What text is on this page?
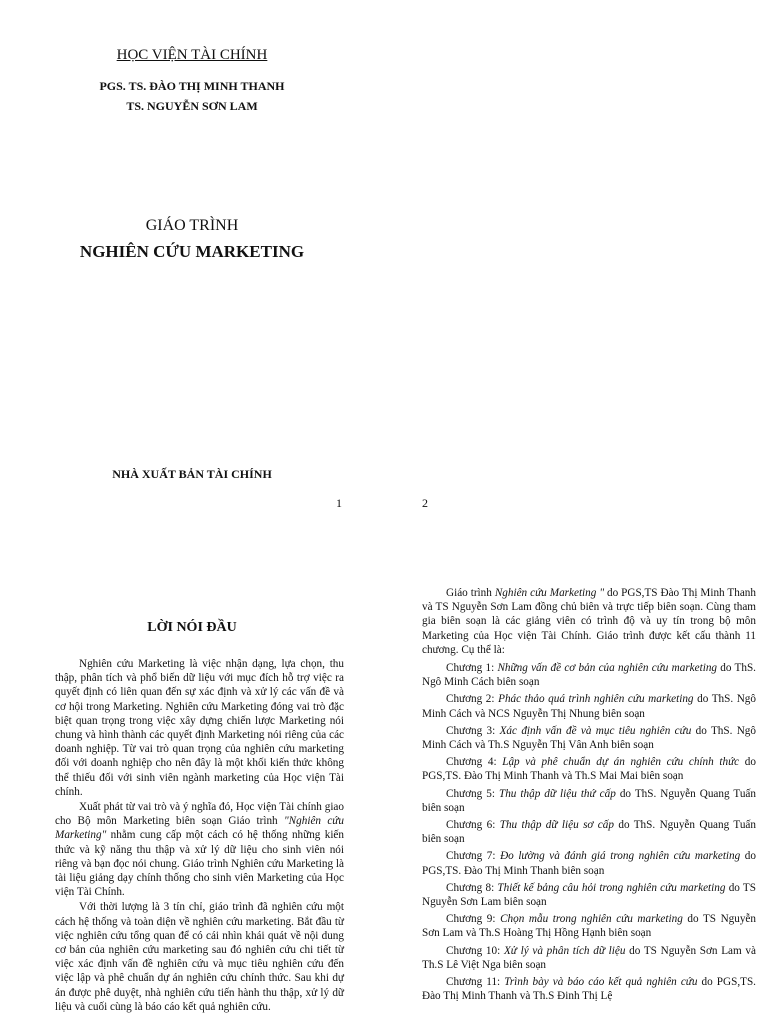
HỌC VIỆN TÀI CHÍNH
PGS. TS. ĐÀO THỊ MINH THANH
TS. NGUYỄN SƠN LAM
GIÁO TRÌNH
NGHIÊN CỨU MARKETING
NHÀ XUẤT BẢN TÀI CHÍNH
1	2
LỜI NÓI ĐẦU

Nghiên cứu Marketing là việc nhận dạng, lựa chọn, thu thập, phân tích và phổ biến dữ liệu với mục đích hỗ trợ việc ra quyết định có liên quan đến sự xác định và xử lý các vấn đề và cơ hội trong Marketing. Nghiên cứu Marketing đóng vai trò đặc biệt quan trọng trong việc xây dựng chiến lược Marketing nói chung và hình thành các quyết định Marketing nói riêng của các doanh nghiệp. Từ vai trò quan trọng của nghiên cứu marketing đối với doanh nghiệp cho nên đây là một khối kiến thức không thể thiếu đối với sinh viên ngành marketing của Học viện Tài chính.

Xuất phát từ vai trò và ý nghĩa đó, Học viện Tài chính giao cho Bộ môn Marketing biên soạn Giáo trình "Nghiên cứu Marketing" nhằm cung cấp một cách có hệ thống những kiến thức và kỹ năng thu thập và xử lý dữ liệu cho sinh viên nói riêng và bạn đọc nói chung. Giáo trình Nghiên cứu Marketing là tài liệu giảng dạy chính thống cho sinh viên Marketing của Học viện Tài Chính.

Với thời lượng là 3 tín chỉ, giáo trình đã nghiên cứu một cách hệ thống và toàn diện về nghiên cứu marketing. Bắt đầu từ việc nghiên cứu tổng quan để có cái nhìn khái quát về nội dung cơ bản của nghiên cứu marketing sau đó nghiên cứu chi tiết từ việc xác định vấn đề nghiên cứu và mục tiêu nghiên cứu đến việc lập và phê chuẩn dự án nghiên cứu chính thức. Sau khi dự án được phê duyệt, nhà nghiên cứu tiến hành thu thập, xử lý dữ liệu và cuối cùng là báo cáo kết quả nghiên cứu.

Giáo trình Nghiên cứu Marketing " do PGS,TS Đào Thị Minh Thanh và TS Nguyễn Sơn Lam đồng chủ biên và trực tiếp biên soạn. Cùng tham gia biên soạn là các giảng viên có trình độ và uy tín trong bộ môn Marketing của Học viện Tài Chính. Giáo trình được kết cấu thành 11 chương. Cụ thể là:

Chương 1: Những vấn đề cơ bản của nghiên cứu marketing do ThS. Ngô Minh Cách biên soạn

Chương 2: Phác thảo quá trình nghiên cứu marketing do ThS. Ngô Minh Cách và NCS Nguyễn Thị Nhung biên soạn

Chương 3: Xác định vấn đề và mục tiêu nghiên cứu do ThS. Ngô Minh Cách và Th.S Nguyễn Thị Vân Anh biên soạn

Chương 4: Lập và phê chuẩn dự án nghiên cứu chính thức do PGS,TS. Đào Thị Minh Thanh và Th.S Mai Mai biên soạn

Chương 5: Thu thập dữ liệu thứ cấp do ThS. Nguyễn Quang Tuấn biên soạn

Chương 6: Thu thập dữ liệu sơ cấp do ThS. Nguyễn Quang Tuấn biên soạn

Chương 7: Đo lường và đánh giá trong nghiên cứu marketing do PGS,TS. Đào Thị Minh Thanh biên soạn

Chương 8: Thiết kế bảng câu hỏi trong nghiên cứu marketing do TS Nguyễn Sơn Lam biên soạn

Chương 9: Chọn mẫu trong nghiên cứu marketing do TS Nguyễn Sơn Lam và Th.S Hoàng Thị Hồng Hạnh biên soạn

Chương 10: Xử lý và phân tích dữ liệu do TS Nguyễn Sơn Lam và Th.S Lê Việt Nga biên soạn

Chương 11: Trình bày và báo cáo kết quả nghiên cứu do PGS,TS. Đào Thị Minh Thanh và Th.S Đinh Thị Lệ
